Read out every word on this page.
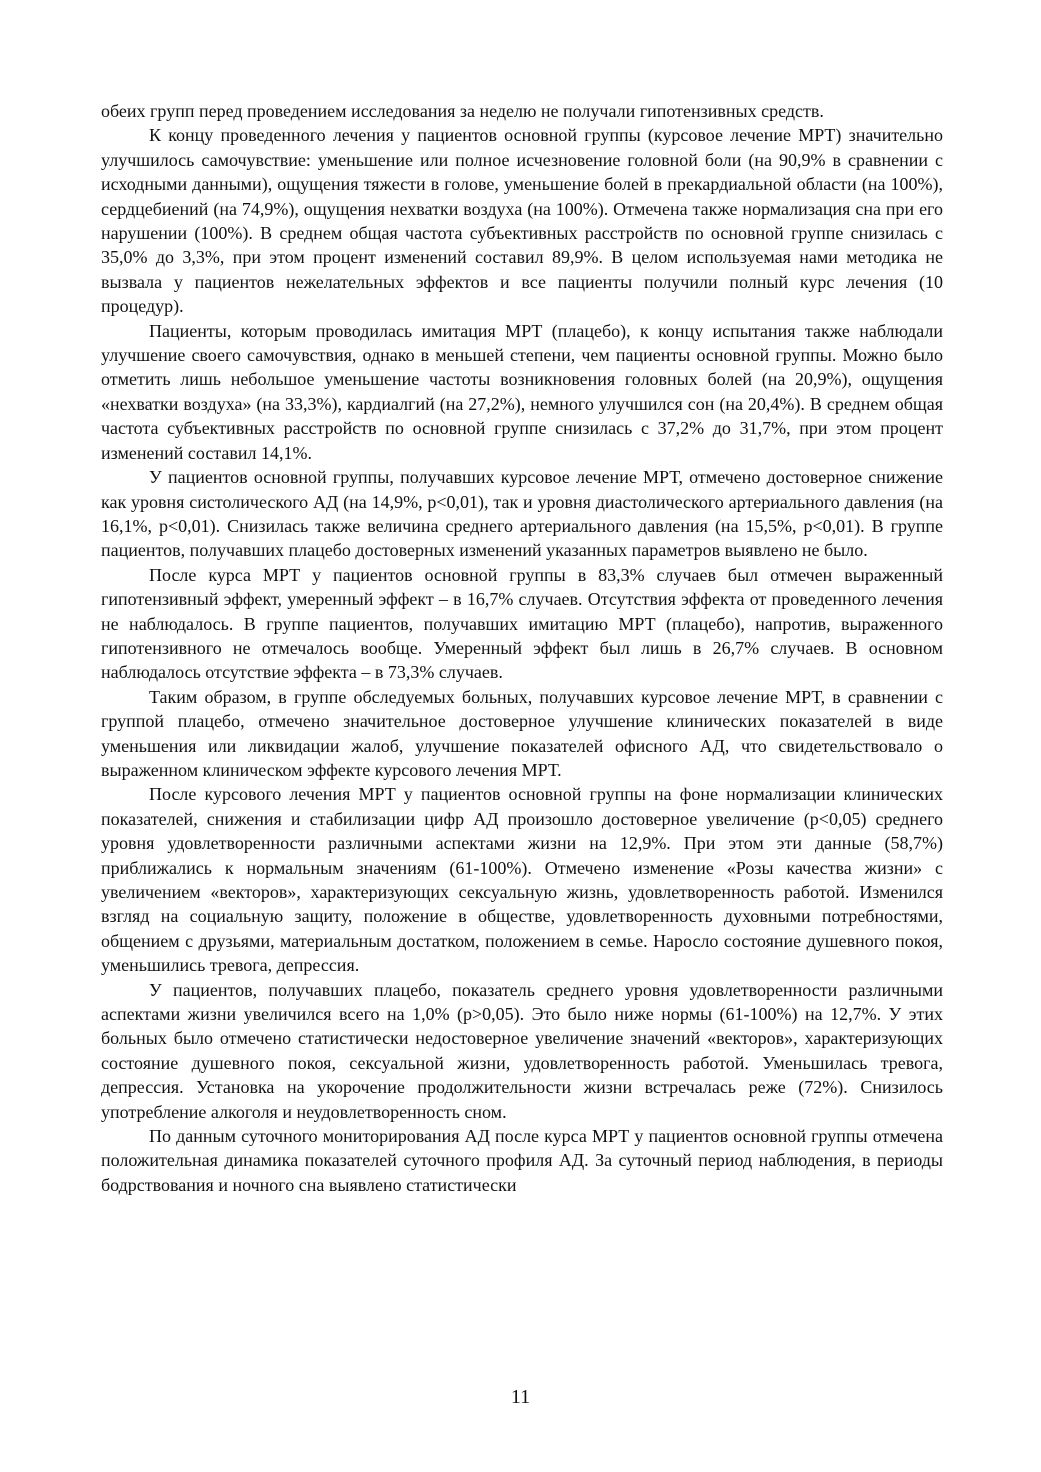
обеих групп перед проведением исследования за неделю не получали гипотензивных средств.

К концу проведенного лечения у пациентов основной группы (курсовое лечение МРТ) значительно улучшилось самочувствие: уменьшение или полное исчезновение головной боли (на 90,9% в сравнении с исходными данными), ощущения тяжести в голове, уменьшение болей в прекардиальной области (на 100%), сердцебиений (на 74,9%), ощущения нехватки воздуха (на 100%). Отмечена также нормализация сна при его нарушении (100%). В среднем общая частота субъективных расстройств по основной группе снизилась с 35,0% до 3,3%, при этом процент изменений составил 89,9%. В целом используемая нами методика не вызвала у пациентов нежелательных эффектов и все пациенты получили полный курс лечения (10 процедур).

Пациенты, которым проводилась имитация МРТ (плацебо), к концу испытания также наблюдали улучшение своего самочувствия, однако в меньшей степени, чем пациенты основной группы. Можно было отметить лишь небольшое уменьшение частоты возникновения головных болей (на 20,9%), ощущения «нехватки воздуха» (на 33,3%), кардиалгий (на 27,2%), немного улучшился сон (на 20,4%). В среднем общая частота субъективных расстройств по основной группе снизилась с 37,2% до 31,7%, при этом процент изменений составил 14,1%.

У пациентов основной группы, получавших курсовое лечение МРТ, отмечено достоверное снижение как уровня систолического АД (на 14,9%, p<0,01), так и уровня диастолического артериального давления (на 16,1%, p<0,01). Снизилась также величина среднего артериального давления (на 15,5%, p<0,01). В группе пациентов, получавших плацебо достоверных изменений указанных параметров выявлено не было.

После курса МРТ у пациентов основной группы в 83,3% случаев был отмечен выраженный гипотензивный эффект, умеренный эффект – в 16,7% случаев. Отсутствия эффекта от проведенного лечения не наблюдалось. В группе пациентов, получавших имитацию МРТ (плацебо), напротив, выраженного гипотензивного не отмечалось вообще. Умеренный эффект был лишь в 26,7% случаев. В основном наблюдалось отсутствие эффекта – в 73,3% случаев.

Таким образом, в группе обследуемых больных, получавших курсовое лечение МРТ, в сравнении с группой плацебо, отмечено значительное достоверное улучшение клинических показателей в виде уменьшения или ликвидации жалоб, улучшение показателей офисного АД, что свидетельствовало о выраженном клиническом эффекте курсового лечения МРТ.

После курсового лечения МРТ у пациентов основной группы на фоне нормализации клинических показателей, снижения и стабилизации цифр АД произошло достоверное увеличение (p<0,05) среднего уровня удовлетворенности различными аспектами жизни на 12,9%. При этом эти данные (58,7%) приближались к нормальным значениям (61-100%). Отмечено изменение «Розы качества жизни» с увеличением «векторов», характеризующих сексуальную жизнь, удовлетворенность работой. Изменился взгляд на социальную защиту, положение в обществе, удовлетворенность духовными потребностями, общением с друзьями, материальным достатком, положением в семье. Наросло состояние душевного покоя, уменьшились тревога, депрессия.

У пациентов, получавших плацебо, показатель среднего уровня удовлетворенности различными аспектами жизни увеличился всего на 1,0% (p>0,05). Это было ниже нормы (61-100%) на 12,7%. У этих больных было отмечено статистически недостоверное увеличение значений «векторов», характеризующих состояние душевного покоя, сексуальной жизни, удовлетворенность работой. Уменьшилась тревога, депрессия. Установка на укорочение продолжительности жизни встречалась реже (72%). Снизилось употребление алкоголя и неудовлетворенность сном.

По данным суточного мониторирования АД после курса МРТ у пациентов основной группы отмечена положительная динамика показателей суточного профиля АД. За суточный период наблюдения, в периоды бодрствования и ночного сна выявлено статистически

11
